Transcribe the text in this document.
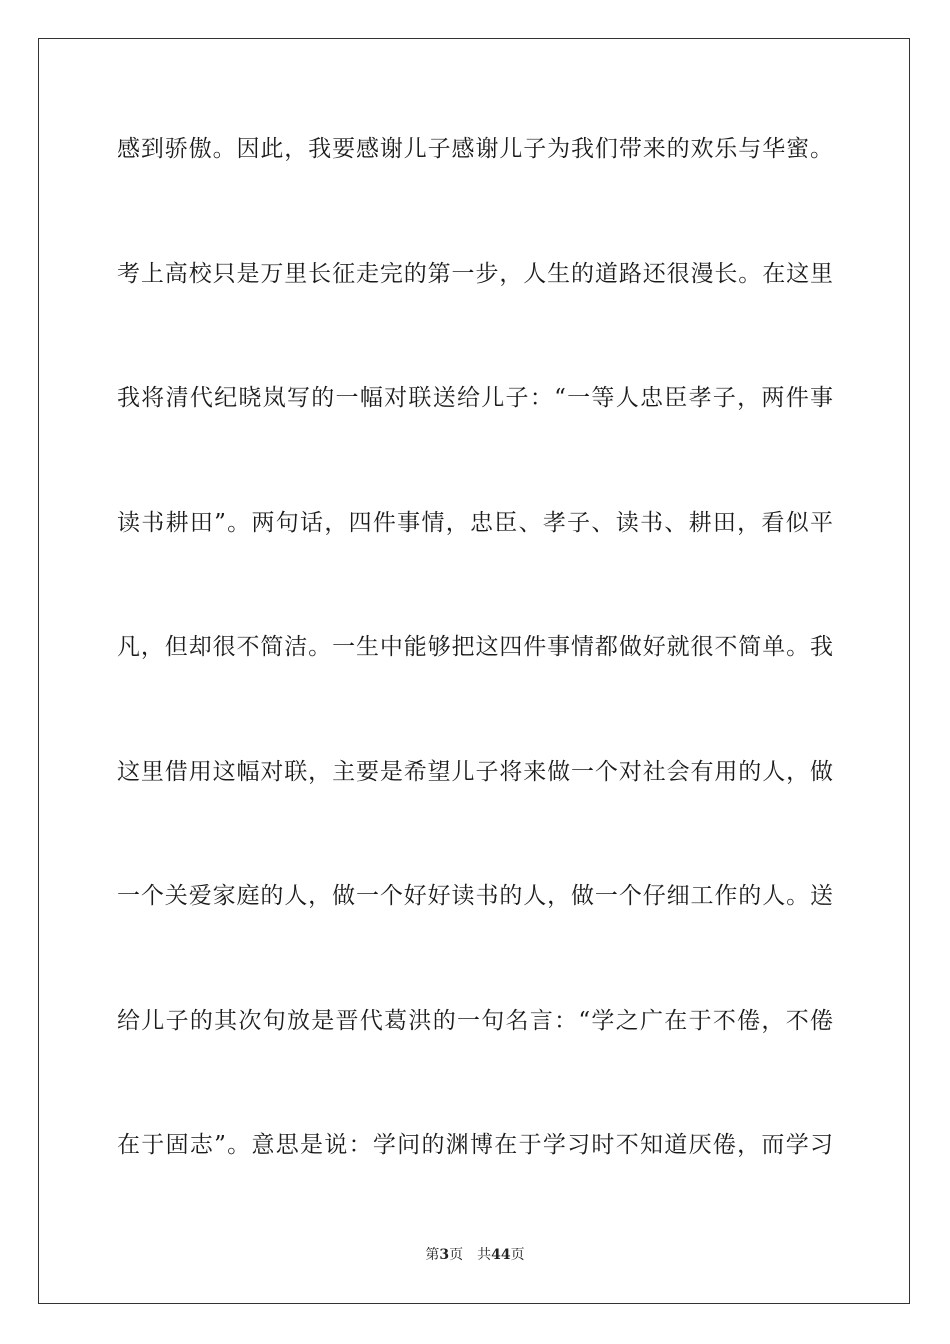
感到骄傲。因此，我要感谢儿子感谢儿子为我们带来的欢乐与华蜜。
考上高校只是万里长征走完的第一步，人生的道路还很漫长。在这里
我将清代纪晓岚写的一幅对联送给儿子：“一等人忠臣孝子，两件事
读书耕田”。两句话，四件事情，忠臣、孝子、读书、耕田，看似平
凡，但却很不简洁。一生中能够把这四件事情都做好就很不简单。我
这里借用这幅对联，主要是希望儿子将来做一个对社会有用的人，做
一个关爱家庭的人，做一个好好读书的人，做一个仔细工作的人。送
给儿子的其次句放是晋代葛洪的一句名言：“学之广在于不倦，不倦
在于固志”。意思是说：学问的渊博在于学习时不知道厌倦，而学习
第3页 共44页
